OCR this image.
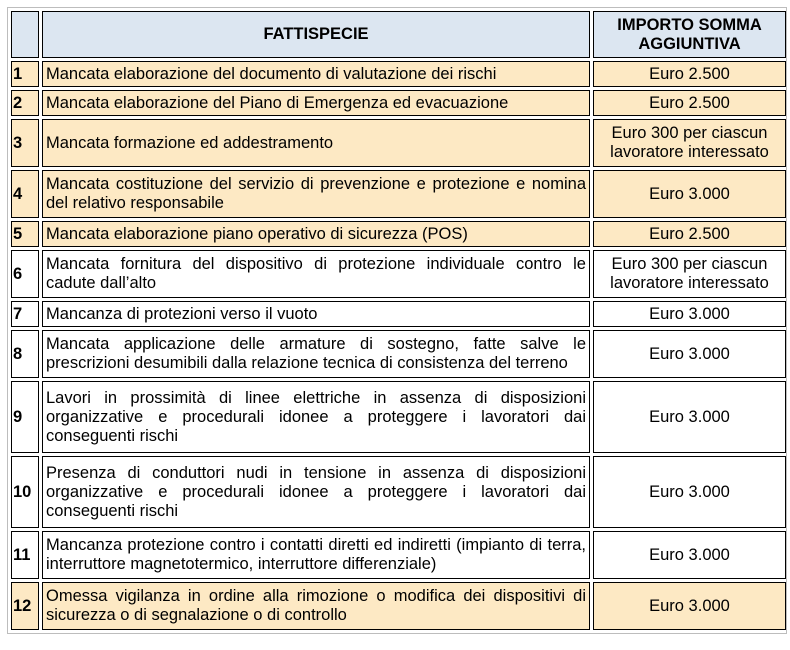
	FATTISPECIE	IMPORTO SOMMA
AGGIUNTIVA

1	Mancata elaborazione del documento di valutazione dei rischi	Euro 2.500
2	Mancata elaborazione del Piano di Emergenza ed evacuazione	Euro 2.500
3	Mancata formazione ed addestramento	Euro 300 per ciascun lavoratore interessato
4	Mancata costituzione del servizio di prevenzione e protezione e nomina del relativo responsabile	Euro 3.000
5	Mancata elaborazione piano operativo di sicurezza (POS)	Euro 2.500
6	Mancata fornitura del dispositivo di protezione individuale contro le cadute dall’alto	Euro 300 per ciascun lavoratore interessato
7	Mancanza di protezioni verso il vuoto	Euro 3.000
8	Mancata applicazione delle armature di sostegno, fatte salve le prescrizioni desumibili dalla relazione tecnica di consistenza del terreno	Euro 3.000
9	Lavori in prossimità di linee elettriche in assenza di disposizioni organizzative e procedurali idonee a proteggere i lavoratori dai conseguenti rischi	Euro 3.000
10	Presenza di conduttori nudi in tensione in assenza di disposizioni organizzative e procedurali idonee a proteggere i lavoratori dai conseguenti rischi	Euro 3.000
11	Mancanza protezione contro i contatti diretti ed indiretti (impianto di terra, interruttore magnetotermico, interruttore differenziale)	Euro 3.000
12	Omessa vigilanza in ordine alla rimozione o modifica dei dispositivi di sicurezza o di segnalazione o di controllo	Euro 3.000
